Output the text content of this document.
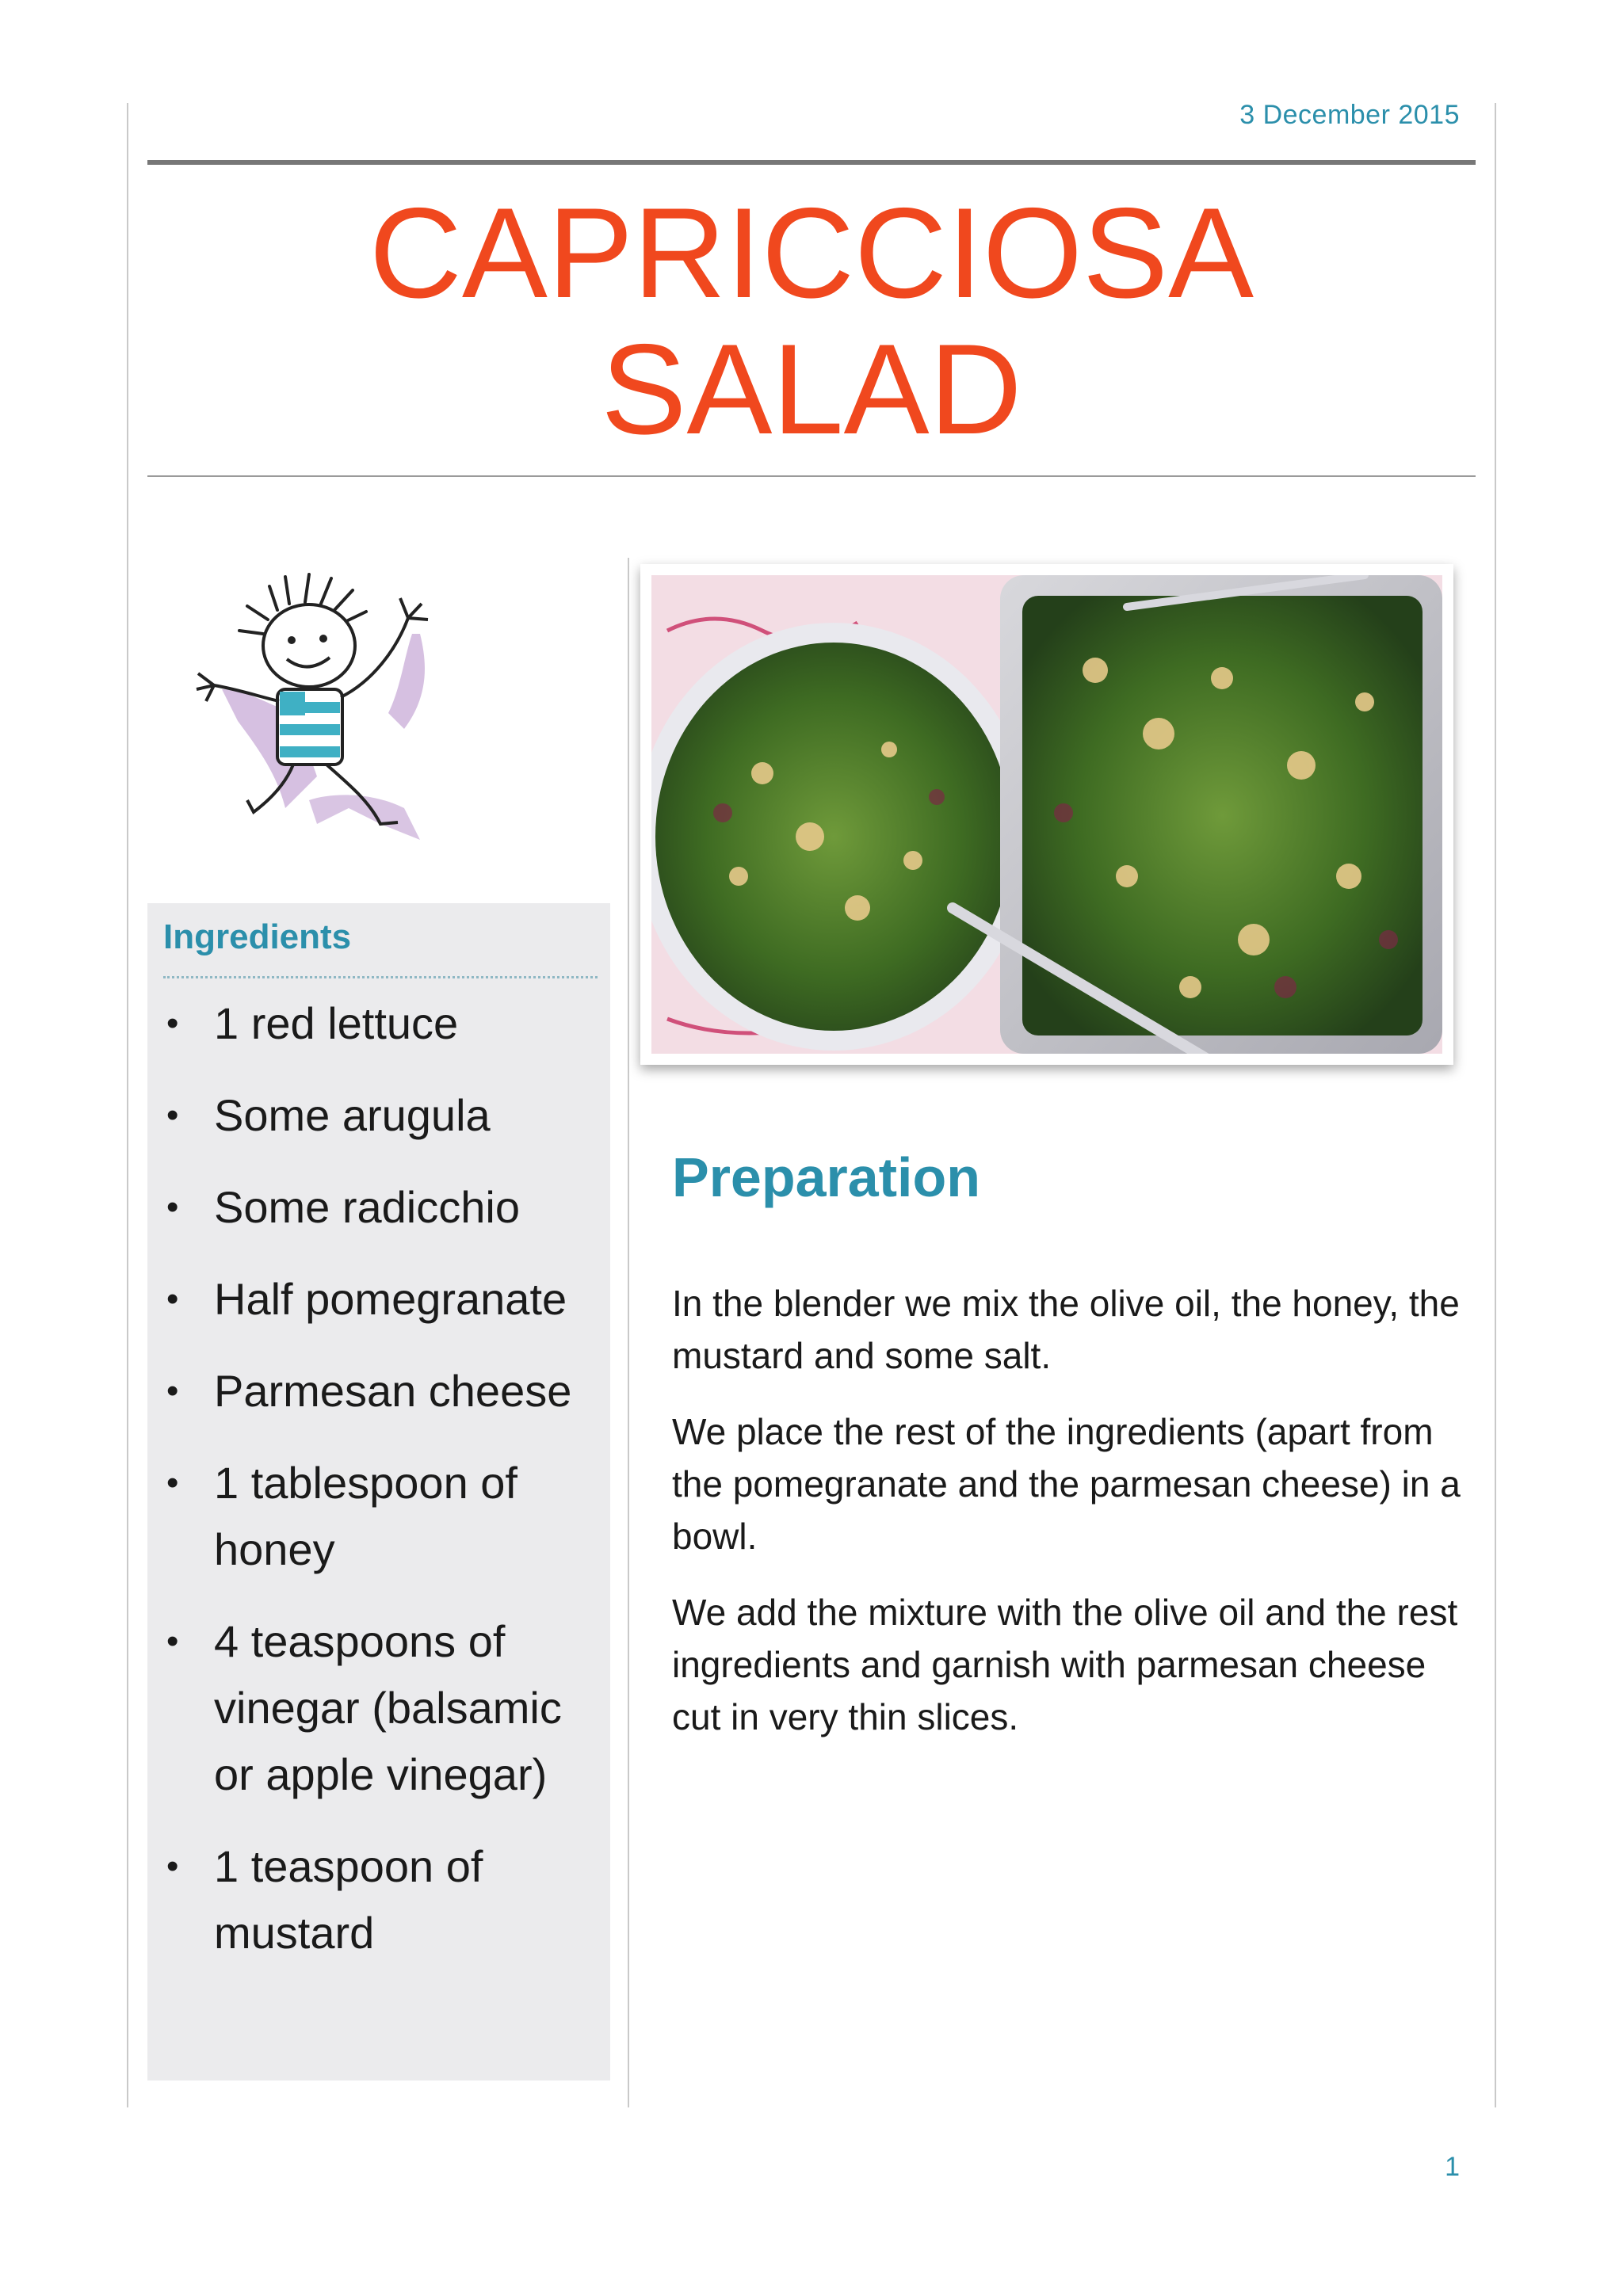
3 December 2015
CAPRICCIOSA
SALAD
Ingredients
• 1 red lettuce
• Some arugula
• Some radicchio
• Half pomegranate
• Parmesan cheese
• 1 tablespoon of honey
• 4 teaspoons of vinegar (balsamic or apple vinegar)
• 1 teaspoon of mustard
Preparation

In the blender we mix the olive oil, the honey, the mustard and some salt.

We place the rest of the ingredients (apart from the pomegranate and the parmesan cheese) in a bowl.

We add the mixture with the olive oil and the rest ingredients and garnish with parmesan cheese cut in very thin slices.

1
